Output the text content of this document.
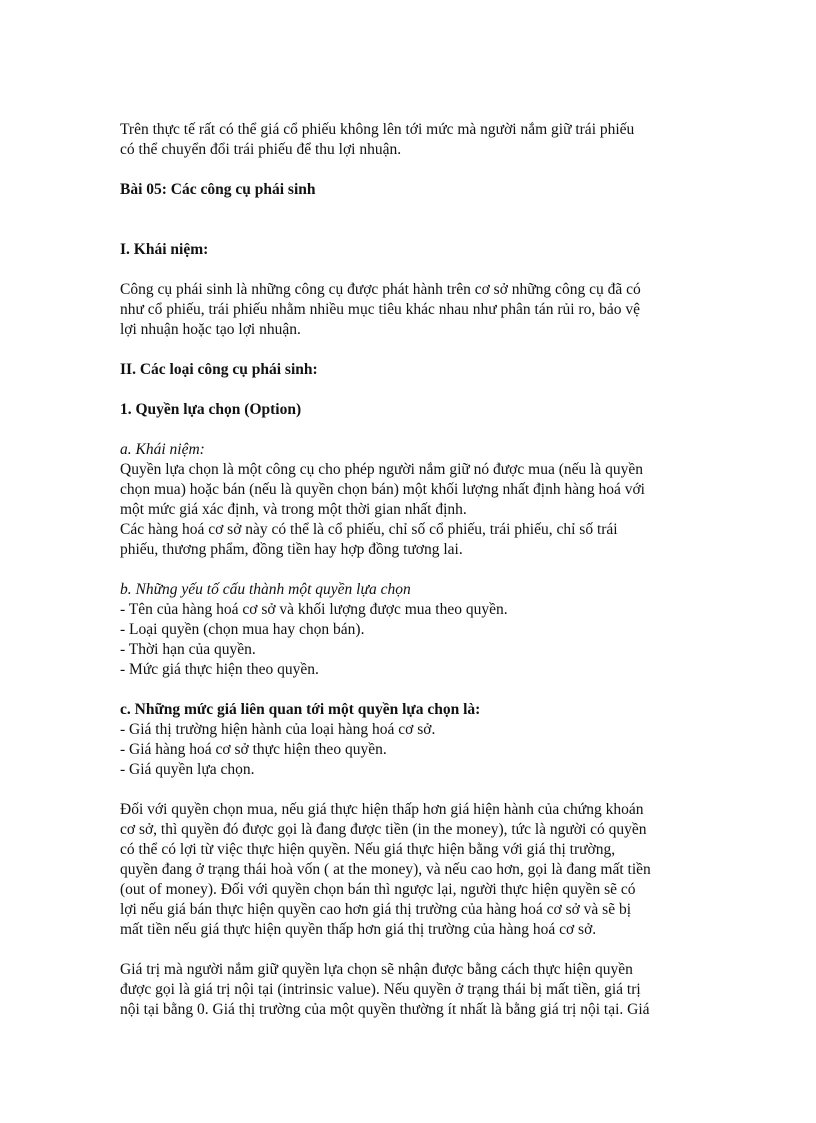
Trên thực tế rất có thể giá cổ phiếu không lên tới mức mà người nắm giữ trái phiếu
có thể chuyển đổi trái phiếu để thu lợi nhuận.
Bài 05: Các công cụ phái sinh
I. Khái niệm:
Công cụ phái sinh là những công cụ được phát hành trên cơ sở những công cụ đã có
như cổ phiếu, trái phiếu nhằm nhiều mục tiêu khác nhau như phân tán rủi ro, bảo vệ
lợi nhuận hoặc tạo lợi nhuận.
II. Các loại công cụ phái sinh:
1. Quyền lựa chọn (Option)
a. Khái niệm:
Quyền lựa chọn là một công cụ cho phép người nắm giữ nó được mua (nếu là quyền
chọn mua) hoặc bán (nếu là quyền chọn bán) một khối lượng nhất định hàng hoá với
một mức giá xác định, và trong một thời gian nhất định.
Các hàng hoá cơ sở này có thể là cổ phiếu, chỉ số cổ phiếu, trái phiếu, chỉ số trái
phiếu, thương phẩm, đồng tiền hay hợp đồng tương lai.
b. Những yếu tố cấu thành một quyền lựa chọn
- Tên của hàng hoá cơ sở và khối lượng được mua theo quyền.
- Loại quyền (chọn mua hay chọn bán).
- Thời hạn của quyền.
- Mức giá thực hiện theo quyền.
c. Những mức giá liên quan tới một quyền lựa chọn là:
- Giá thị trường hiện hành của loại hàng hoá cơ sở.
- Giá hàng hoá cơ sở thực hiện theo quyền.
- Giá quyền lựa chọn.
Đối với quyền chọn mua, nếu giá thực hiện thấp hơn giá hiện hành của chứng khoán
cơ sở, thì quyền đó được gọi là đang được tiền (in the money), tức là người có quyền
có thể có lợi từ việc thực hiện quyền. Nếu giá thực hiện bằng với giá thị trường,
quyền đang ở trạng thái hoà vốn ( at the money), và nếu cao hơn, gọi là đang mất tiền
(out of money). Đối với quyền chọn bán thì ngược lại, người thực hiện quyền sẽ có
lợi nếu giá bán thực hiện quyền cao hơn giá thị trường của hàng hoá cơ sở và sẽ bị
mất tiền nếu giá thực hiện quyền thấp hơn giá thị trường của hàng hoá cơ sở.
Giá trị mà người nắm giữ quyền lựa chọn sẽ nhận được bằng cách thực hiện quyền
được gọi là giá trị nội tại (intrinsic value). Nếu quyền ở trạng thái bị mất tiền, giá trị
nội tại bằng 0. Giá thị trường của một quyền thường ít nhất là bằng giá trị nội tại. Giá
